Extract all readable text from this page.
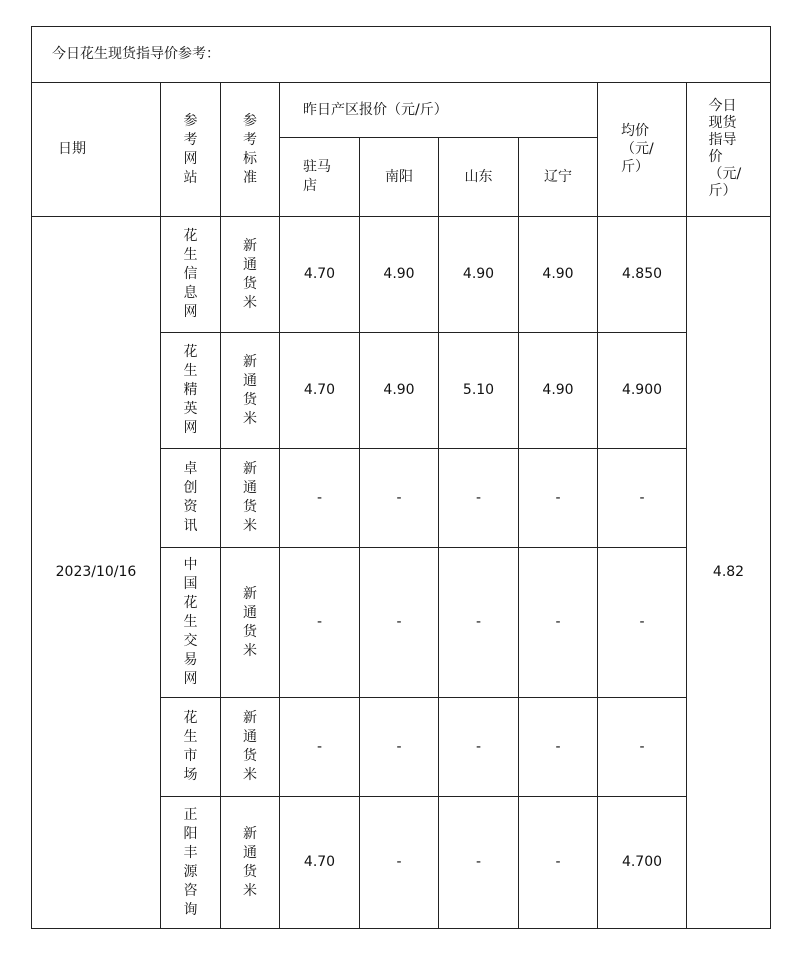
今日花生现货指导价参考：								
日期	参考网站	参考标准	昨日产区报价（元/斤）				均价（元/斤）	今日现货指导价（元/斤）
			驻马店	南阳	山东	辽宁		
2023/10/16	花生信息网	新通货米	4.70	4.90	4.90	4.90	4.850	4.82
	花生精英网	新通货米	4.70	4.90	5.10	4.90	4.900	
	卓创资讯	新通货米	-	-	-	-	-	
	中国花生交易网	新通货米	-	-	-	-	-	
	花生市场	新通货米	-	-	-	-	-	
	正阳丰源咨询	新通货米	4.70	-	-	-	4.700	
